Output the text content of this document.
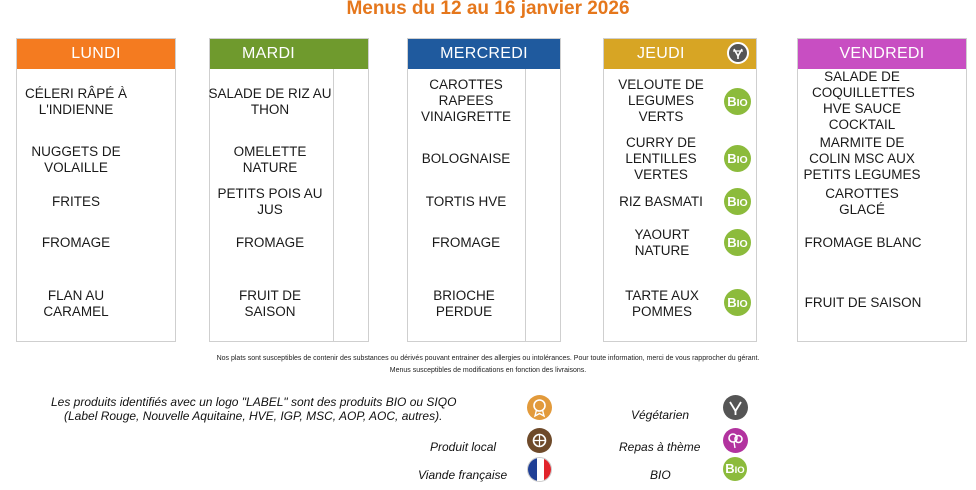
Menus du 12 au 16 janvier 2026
LUNDI
CÉLERI RÂPÉ À L'INDIENNE
NUGGETS DE VOLAILLE
FRITES
FROMAGE
FLAN AU CARAMEL
MARDI
SALADE DE RIZ AU THON
OMELETTE NATURE
PETITS POIS AU JUS
FROMAGE
FRUIT DE SAISON
MERCREDI
CAROTTES RAPEES VINAIGRETTE
BOLOGNAISE
TORTIS HVE
FROMAGE
BRIOCHE PERDUE
JEUDI
VELOUTE DE LEGUMES VERTS
BIO
CURRY DE LENTILLES VERTES
BIO
RIZ BASMATI	BIO
YAOURT NATURE
BIO
TARTE AUX POMMES
BIO
VENDREDI
SALADE DE COQUILLETTES HVE SAUCE COCKTAIL
MARMITE DE COLIN MSC AUX PETITS LEGUMES
CAROTTES GLACÉ
FROMAGE BLANC
FRUIT DE SAISON
Nos plats sont susceptibles de contenir des substances ou dérivés pouvant entrainer des allergies ou intolérances. Pour toute information, merci de vous rapprocher du gérant.
Menus susceptibles de modifications en fonction des livraisons.
Les produits identifiés avec un logo "LABEL" sont des produits BIO ou SIQO
(Label Rouge, Nouvelle Aquitaine, HVE, IGP, MSC, AOP, AOC, autres).
Produit local
Viande française
Végétarien
Repas à thème
BIO	BIO
